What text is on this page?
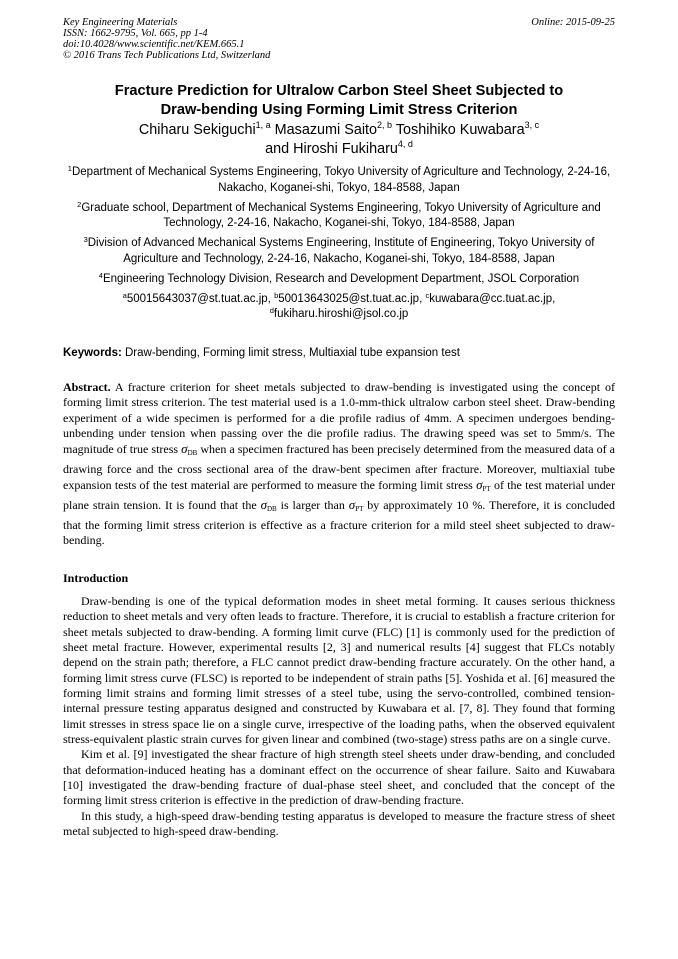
Key Engineering Materials
ISSN: 1662-9795, Vol. 665, pp 1-4
doi:10.4028/www.scientific.net/KEM.665.1
© 2016 Trans Tech Publications Ltd, Switzerland
Online: 2015-09-25
Fracture Prediction for Ultralow Carbon Steel Sheet Subjected to
Draw-bending Using Forming Limit Stress Criterion
Chiharu Sekiguchi$^{1, a}$ Masazumi Saito$^{2, b}$ Toshihiko Kuwabara$^{3, c}$
and Hiroshi Fukiharu$^{4, d}$
$^1$Department of Mechanical Systems Engineering, Tokyo University of Agriculture and Technology, 2-24-16, Nakacho, Koganei-shi, Tokyo, 184-8588, Japan
$^2$Graduate school, Department of Mechanical Systems Engineering, Tokyo University of Agriculture and Technology, 2-24-16, Nakacho, Koganei-shi, Tokyo, 184-8588, Japan
$^3$Division of Advanced Mechanical Systems Engineering, Institute of Engineering, Tokyo University of Agriculture and Technology, 2-24-16, Nakacho, Koganei-shi, Tokyo, 184-8588, Japan
$^4$Engineering Technology Division, Research and Development Department, JSOL Corporation
$^a$50015643037@st.tuat.ac.jp, $^b$50013643025@st.tuat.ac.jp, $^c$kuwabara@cc.tuat.ac.jp,
$^d$fukiharu.hiroshi@jsol.co.jp
Keywords: Draw-bending, Forming limit stress, Multiaxial tube expansion test
Abstract. A fracture criterion for sheet metals subjected to draw-bending is investigated using the concept of forming limit stress criterion. The test material used is a 1.0-mm-thick ultralow carbon steel sheet. Draw-bending experiment of a wide specimen is performed for a die profile radius of 4mm. A specimen undergoes bending-unbending under tension when passing over the die profile radius. The drawing speed was set to 5mm/s. The magnitude of true stress $\sigma_{DB}$ when a specimen fractured has been precisely determined from the measured data of a drawing force and the cross sectional area of the draw-bent specimen after fracture. Moreover, multiaxial tube expansion tests of the test material are performed to measure the forming limit stress $\sigma_{PT}$ of the test material under plane strain tension. It is found that the $\sigma_{DB}$ is larger than $\sigma_{PT}$ by approximately 10 %. Therefore, it is concluded that the forming limit stress criterion is effective as a fracture criterion for a mild steel sheet subjected to draw-bending.
Introduction

Draw-bending is one of the typical deformation modes in sheet metal forming. It causes serious thickness reduction to sheet metals and very often leads to fracture. Therefore, it is crucial to establish a fracture criterion for sheet metals subjected to draw-bending. A forming limit curve (FLC) [1] is commonly used for the prediction of sheet metal fracture. However, experimental results [2, 3] and numerical results [4] suggest that FLCs notably depend on the strain path; therefore, a FLC cannot predict draw-bending fracture accurately. On the other hand, a forming limit stress curve (FLSC) is reported to be independent of strain paths [5]. Yoshida et al. [6] measured the forming limit strains and forming limit stresses of a steel tube, using the servo-controlled, combined tension-internal pressure testing apparatus designed and constructed by Kuwabara et al. [7, 8]. They found that forming limit stresses in stress space lie on a single curve, irrespective of the loading paths, when the observed equivalent stress-equivalent plastic strain curves for given linear and combined (two-stage) stress paths are on a single curve.

Kim et al. [9] investigated the shear fracture of high strength steel sheets under draw-bending, and concluded that deformation-induced heating has a dominant effect on the occurrence of shear failure. Saito and Kuwabara [10] investigated the draw-bending fracture of dual-phase steel sheet, and concluded that the concept of the forming limit stress criterion is effective in the prediction of draw-bending fracture.

In this study, a high-speed draw-bending testing apparatus is developed to measure the fracture stress of sheet metal subjected to high-speed draw-bending.
